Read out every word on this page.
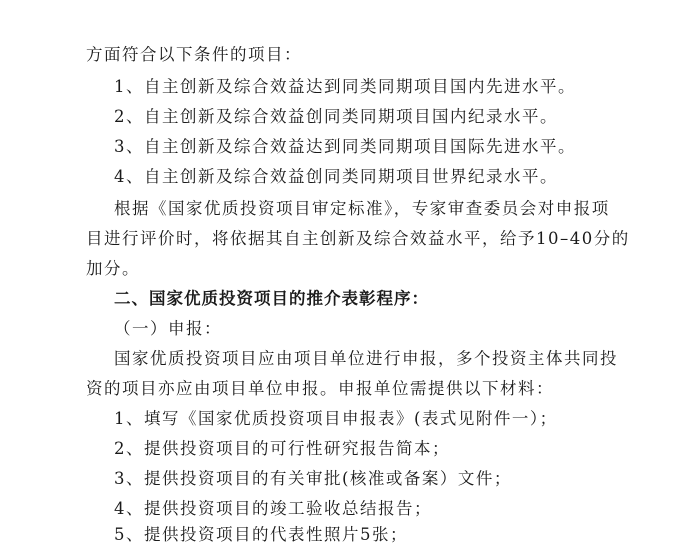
方面符合以下条件的项目：
1、自主创新及综合效益达到同类同期项目国内先进水平。
2、自主创新及综合效益创同类同期项目国内纪录水平。
3、自主创新及综合效益达到同类同期项目国际先进水平。
4、自主创新及综合效益创同类同期项目世界纪录水平。
根据《国家优质投资项目审定标准》，专家审查委员会对申报项
目进行评价时，将依据其自主创新及综合效益水平，给予10–40分的
加分。
二、国家优质投资项目的推介表彰程序：
（一）申报：
国家优质投资项目应由项目单位进行申报，多个投资主体共同投
资的项目亦应由项目单位申报。申报单位需提供以下材料：
1、填写《国家优质投资项目申报表》(表式见附件一）；
2、提供投资项目的可行性研究报告简本；
3、提供投资项目的有关审批(核准或备案）文件；
4、提供投资项目的竣工验收总结报告；
5、提供投资项目的代表性照片5张；
